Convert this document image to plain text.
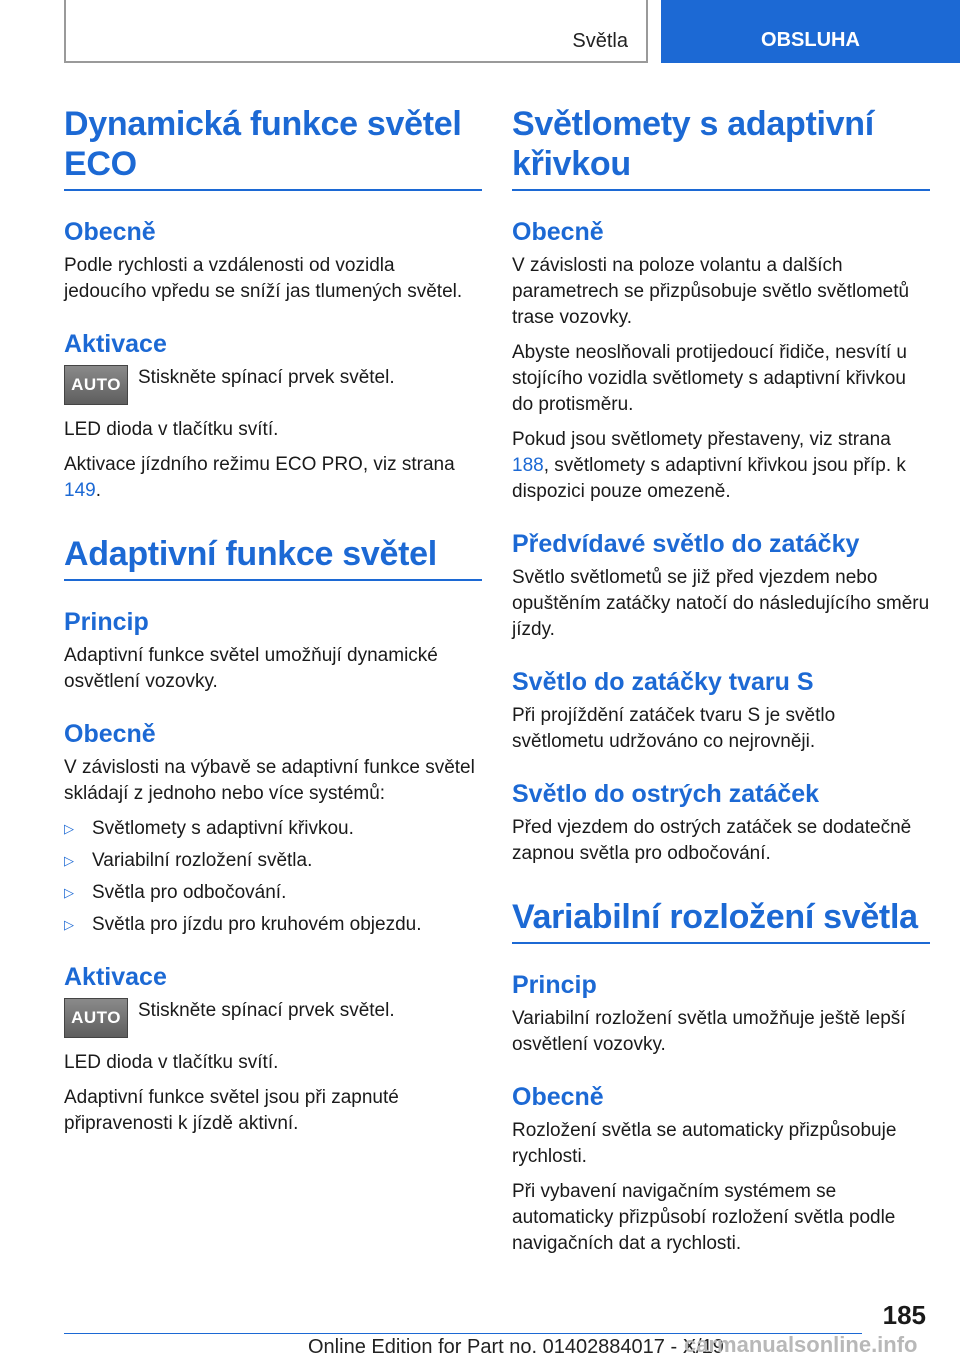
Světla	OBSLUHA
Dynamická funkce světel ECO
Obecně

Podle rychlosti a vzdálenosti od vozidla jedoucího vpředu se sníží jas tlumených světel.

Aktivace
AUTO Stiskněte spínací prvek světel.

LED dioda v tlačítku svítí.

Aktivace jízdního režimu ECO PRO, viz strana 149.

Adaptivní funkce světel
Princip

Adaptivní funkce světel umožňují dynamické osvětlení vozovky.

Obecně

V závislosti na výbavě se adaptivní funkce světel skládají z jednoho nebo více systémů:

▷ Světlomety s adaptivní křivkou.
▷ Variabilní rozložení světla.
▷ Světla pro odbočování.
▷ Světla pro jízdu pro kruhovém objezdu.
Aktivace
AUTO Stiskněte spínací prvek světel.

LED dioda v tlačítku svítí.

Adaptivní funkce světel jsou při zapnuté připravenosti k jízdě aktivní.

Světlomety s adaptivní křivkou
Obecně

V závislosti na poloze volantu a dalších parametrech se přizpůsobuje světlo světlometů trase vozovky.

Abyste neoslňovali protijedoucí řidiče, nesvítí u stojícího vozidla světlomety s adaptivní křivkou do protisměru.

Pokud jsou světlomety přestaveny, viz strana 188, světlomety s adaptivní křivkou jsou příp. k dispozici pouze omezeně.

Předvídavé světlo do zatáčky

Světlo světlometů se již před vjezdem nebo opuštěním zatáčky natočí do následujícího směru jízdy.

Světlo do zatáčky tvaru S

Při projíždění zatáček tvaru S je světlo světlometu udržováno co nejrovněji.

Světlo do ostrých zatáček

Před vjezdem do ostrých zatáček se dodatečně zapnou světla pro odbočování.

Variabilní rozložení světla
Princip

Variabilní rozložení světla umožňuje ještě lepší osvětlení vozovky.

Obecně

Rozložení světla se automaticky přizpůsobuje rychlosti.

Při vybavení navigačním systémem se automaticky přizpůsobí rozložení světla podle navigačních dat a rychlosti.

185
Online Edition for Part no. 01402884017 - X/19
carmanualsonline.info
